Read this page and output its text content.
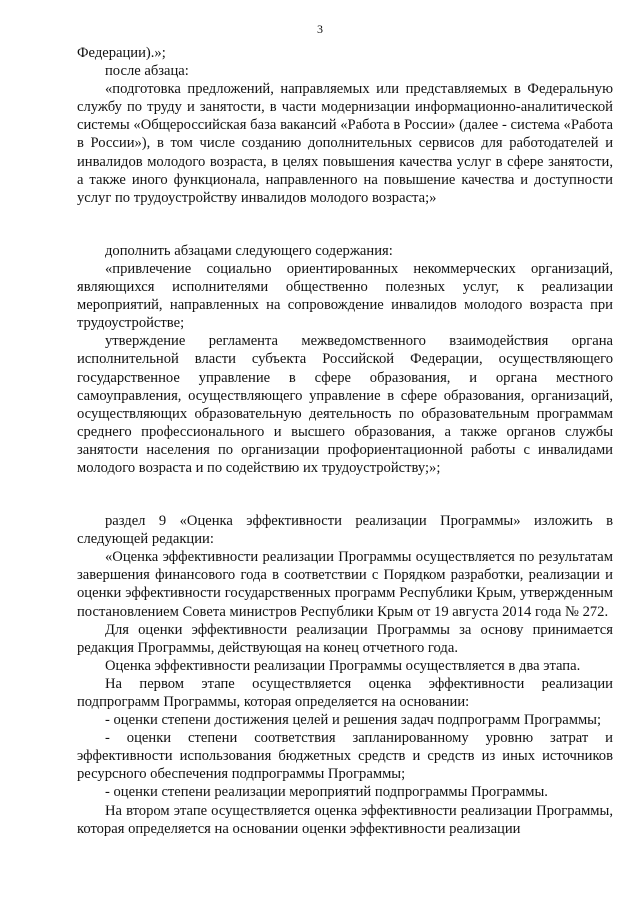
3

Федерации).»;

после абзаца:

«подготовка предложений, направляемых или представляемых в Федеральную службу по труду и занятости, в части модернизации информационно-аналитической системы «Общероссийская база вакансий «Работа в России» (далее - система «Работа в России»), в том числе созданию дополнительных сервисов для работодателей и инвалидов молодого возраста, в целях повышения качества услуг в сфере занятости, а также иного функционала, направленного на повышение качества и доступности услуг по трудоустройству инвалидов молодого возраста;»

дополнить абзацами следующего содержания:

«привлечение социально ориентированных некоммерческих организаций, являющихся исполнителями общественно полезных услуг, к реализации мероприятий, направленных на сопровождение инвалидов молодого возраста при трудоустройстве;

утверждение регламента межведомственного взаимодействия органа исполнительной власти субъекта Российской Федерации, осуществляющего государственное управление в сфере образования, и органа местного самоуправления, осуществляющего управление в сфере образования, организаций, осуществляющих образовательную деятельность по образовательным программам среднего профессионального и высшего образования, а также органов службы занятости населения по организации профориентационной работы с инвалидами молодого возраста и по содействию их трудоустройству;»;

раздел 9 «Оценка эффективности реализации Программы» изложить в следующей редакции:

«Оценка эффективности реализации Программы осуществляется по результатам завершения финансового года в соответствии с Порядком разработки, реализации и оценки эффективности государственных программ Республики Крым, утвержденным постановлением Совета министров Республики Крым от 19 августа 2014 года № 272.

Для оценки эффективности реализации Программы за основу принимается редакция Программы, действующая на конец отчетного года.

Оценка эффективности реализации Программы осуществляется в два этапа.

На первом этапе осуществляется оценка эффективности реализации подпрограмм Программы, которая определяется на основании:

- оценки степени достижения целей и решения задач подпрограмм Программы;

- оценки степени соответствия запланированному уровню затрат и эффективности использования бюджетных средств и средств из иных источников ресурсного обеспечения подпрограммы Программы;

- оценки степени реализации мероприятий подпрограммы Программы.

На втором этапе осуществляется оценка эффективности реализации Программы, которая определяется на основании оценки эффективности реализации
